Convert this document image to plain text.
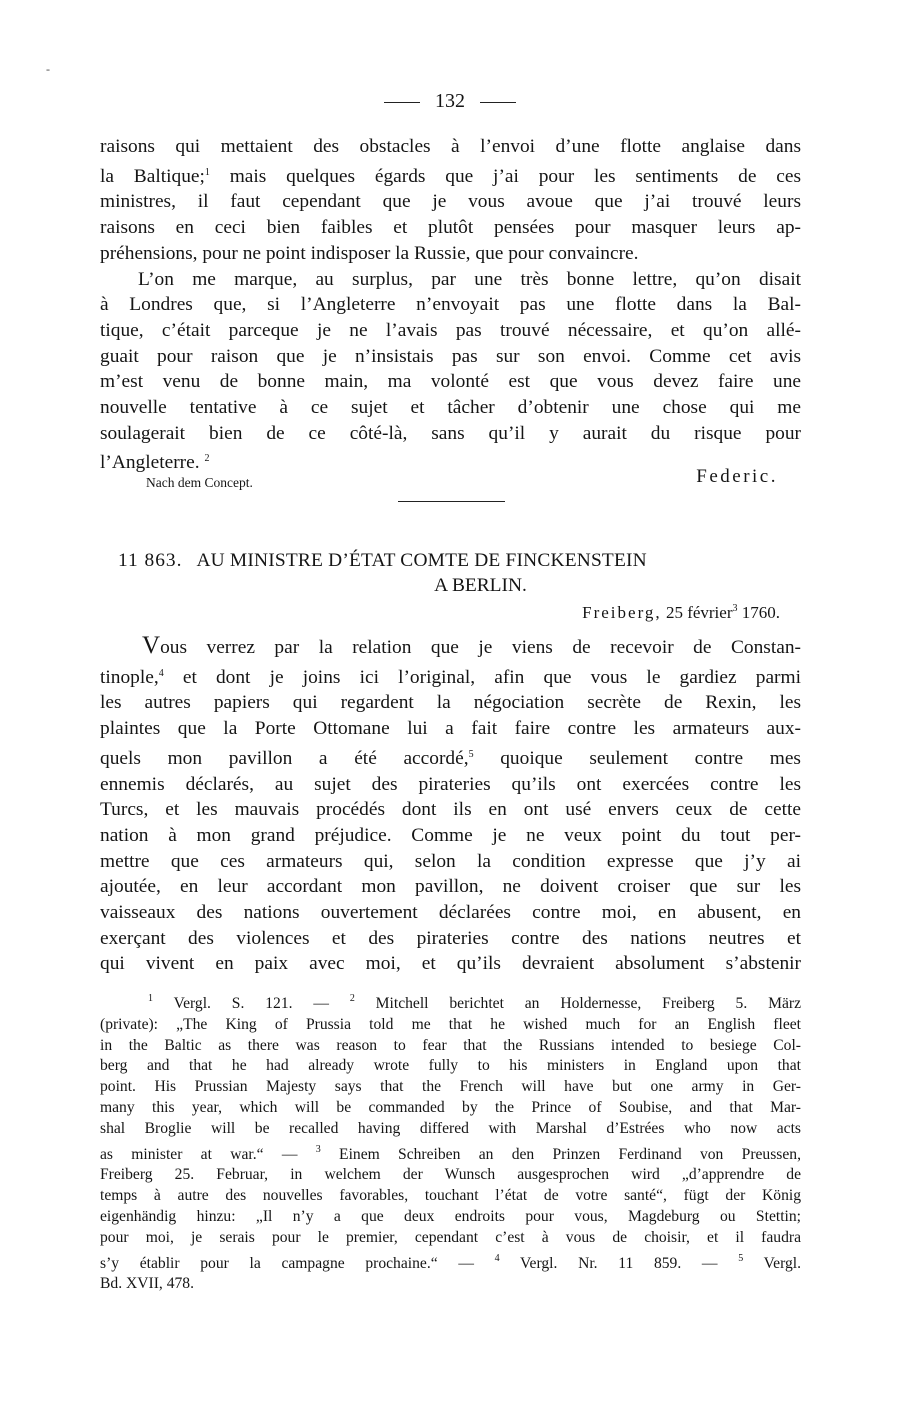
‑
132
raisons qui mettaient des obstacles à l’envoi d’une flotte anglaise dans
la Baltique;$^1$ mais quelques égards que j’ai pour les sentiments de ces
ministres, il faut cependant que je vous avoue que j’ai trouvé leurs
raisons en ceci bien faibles et plutôt pensées pour masquer leurs ap-
préhensions, pour ne point indisposer la Russie, que pour convaincre.
L’on me marque, au surplus, par une très bonne lettre, qu’on disait
à Londres que, si l’Angleterre n’envoyait pas une flotte dans la Bal-
tique, c’était parceque je ne l’avais pas trouvé nécessaire, et qu’on allé-
guait pour raison que je n’insistais pas sur son envoi. Comme cet avis
m’est venu de bonne main, ma volonté est que vous devez faire une
nouvelle tentative à ce sujet et tâcher d’obtenir une chose qui me
soulagerait bien de ce côté-là, sans qu’il y aurait du risque pour
l’Angleterre. $^2$
Nach dem Concept.	Federic.
11 863. AU MINISTRE D’ÉTAT COMTE DE FINCKENSTEIN
A BERLIN.
Freiberg, 25 février$^3$ 1760.
Vous verrez par la relation que je viens de recevoir de Constan-
tinople,$^4$ et dont je joins ici l’original, afin que vous le gardiez parmi
les autres papiers qui regardent la négociation secrète de Rexin, les
plaintes que la Porte Ottomane lui a fait faire contre les armateurs aux-
quels mon pavillon a été accordé,$^5$ quoique seulement contre mes
ennemis déclarés, au sujet des pirateries qu’ils ont exercées contre les
Turcs, et les mauvais procédés dont ils en ont usé envers ceux de cette
nation à mon grand préjudice. Comme je ne veux point du tout per-
mettre que ces armateurs qui, selon la condition expresse que j’y ai
ajoutée, en leur accordant mon pavillon, ne doivent croiser que sur les
vaisseaux des nations ouvertement déclarées contre moi, en abusent, en
exerçant des violences et des pirateries contre des nations neutres et
qui vivent en paix avec moi, et qu’ils devraient absolument s’abstenir
$^1$ Vergl. S. 121. — $^2$ Mitchell berichtet an Holdernesse, Freiberg 5. März
(private): „The King of Prussia told me that he wished much for an English fleet
in the Baltic as there was reason to fear that the Russians intended to besiege Col-
berg and that he had already wrote fully to his ministers in England upon that
point. His Prussian Majesty says that the French will have but one army in Ger-
many this year, which will be commanded by the Prince of Soubise, and that Mar-
shal Broglie will be recalled having differed with Marshal d’Estrées who now acts
as minister at war.“ — $^3$ Einem Schreiben an den Prinzen Ferdinand von Preussen,
Freiberg 25. Februar, in welchem der Wunsch ausgesprochen wird „d’apprendre de
temps à autre des nouvelles favorables, touchant l’état de votre santé“, fügt der König
eigenhändig hinzu: „Il n’y a que deux endroits pour vous, Magdeburg ou Stettin;
pour moi, je serais pour le premier, cependant c’est à vous de choisir, et il faudra
s’y établir pour la campagne prochaine.“ — $^4$ Vergl. Nr. 11 859. — $^5$ Vergl.
Bd. XVII, 478.
